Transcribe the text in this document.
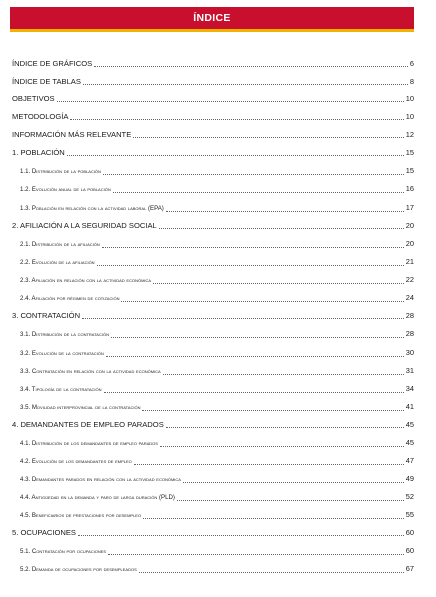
ÍNDICE
ÍNDICE DE GRÁFICOS	6
ÍNDICE DE TABLAS	8
OBJETIVOS	10
METODOLOGÍA	10
INFORMACIÓN MÁS RELEVANTE	12
1. POBLACIÓN	15
1.1. Distribución de la población	15
1.2. Evolución anual de la población	16
1.3. Población en relación con la actividad laboral (EPA)	17
2. AFILIACIÓN A LA SEGURIDAD SOCIAL	20
2.1. Distribución de la afiliación	20
2.2. Evolución de la afiliación	21
2.3. Afiliación en relación con la actividad económica	22
2.4. Afiliación por régimen de cotización	24
3. CONTRATACIÓN	28
3.1. Distribución de la contratación	28
3.2. Evolución de la contratación	30
3.3. Contratación en relación con la actividad económica	31
3.4. Tipología de la contratación	34
3.5. Movilidad interprovincial de la contratación	41
4. DEMANDANTES DE EMPLEO PARADOS	45
4.1. Distribución de los demandantes de empleo parados	45
4.2. Evolución de los demandantes de empleo	47
4.3. Demandantes parados en relación con la actividad económica	49
4.4. Antigüedad en la demanda y paro de larga duración (PLD)	52
4.5. Beneficiarios de prestaciones por desempleo	55
5. OCUPACIONES	60
5.1. Contratación por ocupaciones	60
5.2. Demanda de ocupaciones por desempleados	67
